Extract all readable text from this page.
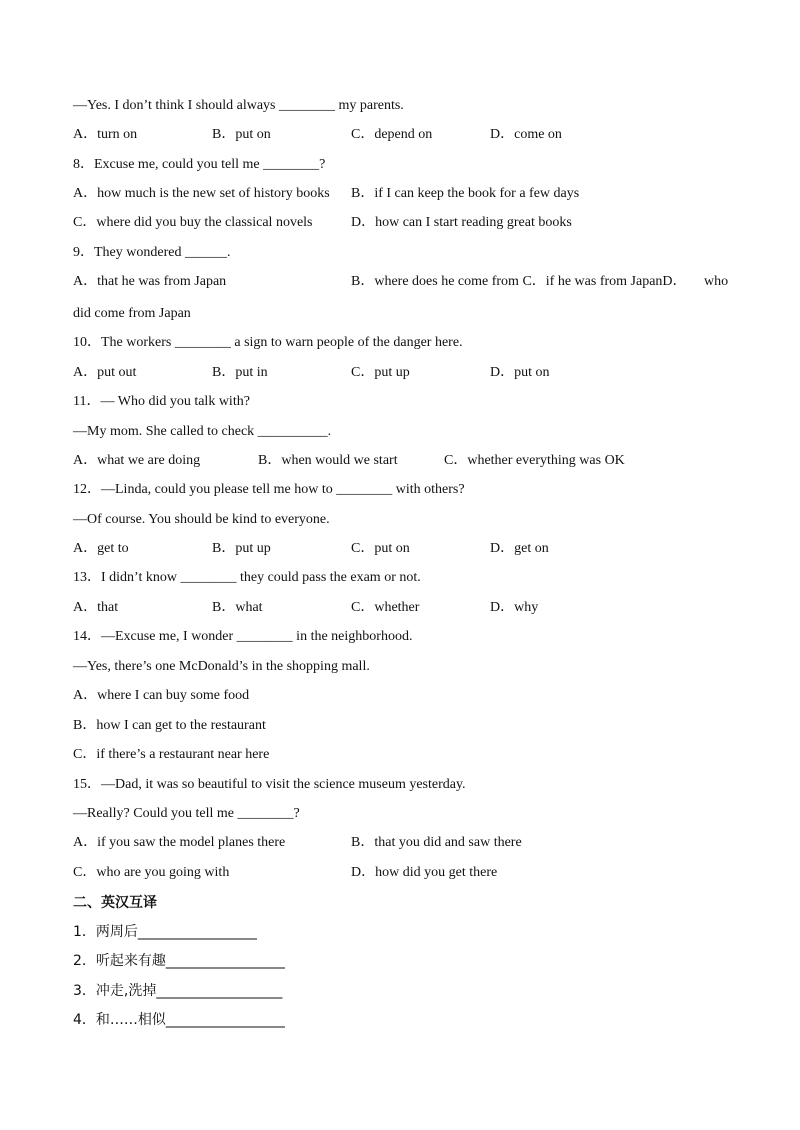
—Yes. I don’t think I should always ________ my parents.
A．turn on	B．put on	C．depend on	D．come on
8．Excuse me, could you tell me ________?
A．how much is the new set of history books B．if I can keep the book for a few days
C．where did you buy the classical novels	D．how can I start reading great books
9．They wondered ______.
A．that he was from Japan	B．where does he come from C．if he was from JapanD． who
did come from Japan
10．The workers ________ a sign to warn people of the danger here.
A．put out	B．put in	C．put up	D．put on
11．— Who did you talk with?
—My mom. She called to check __________.
A．what we are doing	B．when would we start	C．whether everything was OK
12．—Linda, could you please tell me how to ________ with others?
—Of course. You should be kind to everyone.
A．get to	B．put up	C．put on	D．get on
13．I didn’t know ________ they could pass the exam or not.
A．that	B．what	C．whether	D．why
14．—Excuse me, I wonder ________ in the neighborhood.
—Yes, there’s one McDonald’s in the shopping mall.
A．where I can buy some food
B．how I can get to the restaurant
C．if there’s a restaurant near here
15．—Dad, it was so beautiful to visit the science museum yesterday.
—Really? Could you tell me ________?
A．if you saw the model planes there	B．that you did and saw there
C．who are you going with	D．how did you get there
二、英汉互译
1．两周后_________________
2．听起来有趣_________________
3．冲走,洗掉__________________
4．和……相似_________________
